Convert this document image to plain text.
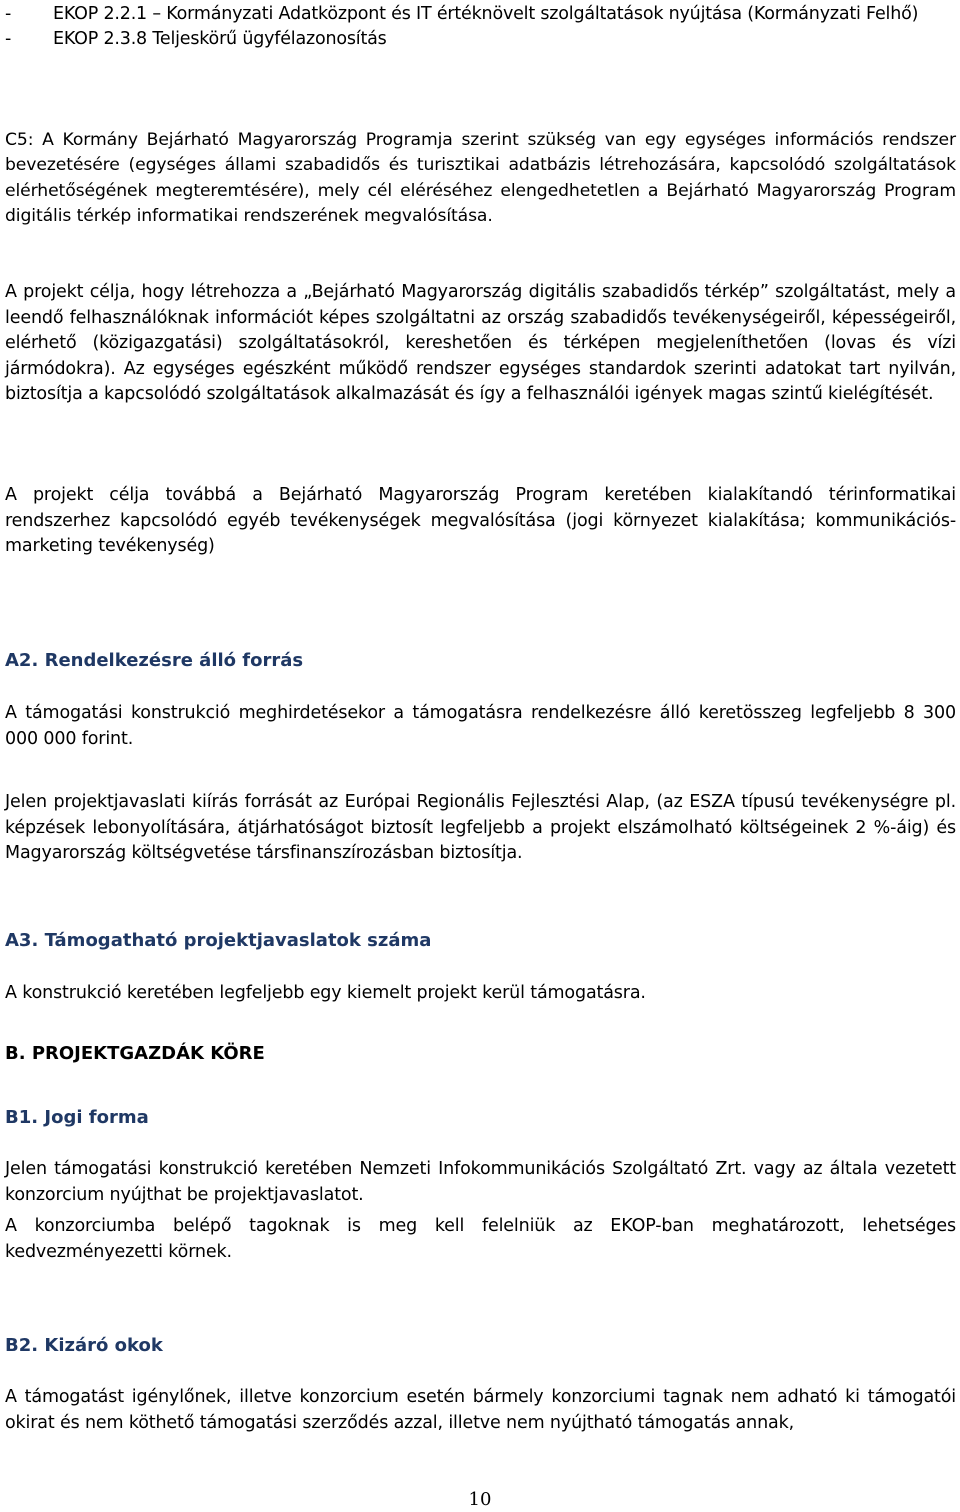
-	EKOP 2.2.1 – Kormányzati Adatközpont és IT értéknövelt szolgáltatások nyújtása (Kormányzati Felhő)
-	EKOP 2.3.8 Teljeskörű ügyfélazonosítás

C5: A Kormány Bejárható Magyarország Programja szerint szükség van egy egységes információs rendszer bevezetésére (egységes állami szabadidős és turisztikai adatbázis létrehozására, kapcsolódó szolgáltatások elérhetőségének megteremtésére), mely cél eléréséhez elengedhetetlen a Bejárható Magyarország Program digitális térkép informatikai rendszerének megvalósítása.

A projekt célja, hogy létrehozza a „Bejárható Magyarország digitális szabadidős térkép” szolgáltatást, mely a leendő felhasználóknak információt képes szolgáltatni az ország szabadidős tevékenységeiről, képességeiről, elérhető (közigazgatási) szolgáltatásokról, kereshetően és térképen megjeleníthetően (lovas és vízi jármódokra). Az egységes egészként működő rendszer egységes standardok szerinti adatokat tart nyilván, biztosítja a kapcsolódó szolgáltatások alkalmazását és így a felhasználói igények magas szintű kielégítését.

A projekt célja továbbá a Bejárható Magyarország Program keretében kialakítandó térinformatikai rendszerhez kapcsolódó egyéb tevékenységek megvalósítása (jogi környezet kialakítása; kommunikációs-marketing tevékenység)

A2. Rendelkezésre álló forrás

A támogatási konstrukció meghirdetésekor a támogatásra rendelkezésre álló keretösszeg legfeljebb 8 300 000 000 forint.

Jelen projektjavaslati kiírás forrását az Európai Regionális Fejlesztési Alap, (az ESZA típusú tevékenységre pl. képzések lebonyolítására, átjárhatóságot biztosít legfeljebb a projekt elszámolható költségeinek 2 %-áig) és Magyarország költségvetése társfinanszírozásban biztosítja.

A3. Támogatható projektjavaslatok száma

A konstrukció keretében legfeljebb egy kiemelt projekt kerül támogatásra.

B. PROJEKTGAZDÁK KÖRE
B1. Jogi forma

Jelen támogatási konstrukció keretében Nemzeti Infokommunikációs Szolgáltató Zrt. vagy az általa vezetett konzorcium nyújthat be projektjavaslatot.

A konzorciumba belépő tagoknak is meg kell felelniük az EKOP-ban meghatározott, lehetséges kedvezményezetti körnek.

B2. Kizáró okok

A támogatást igénylőnek, illetve konzorcium esetén bármely konzorciumi tagnak nem adható ki támogatói okirat és nem köthető támogatási szerződés azzal, illetve nem nyújtható támogatás annak,

10
